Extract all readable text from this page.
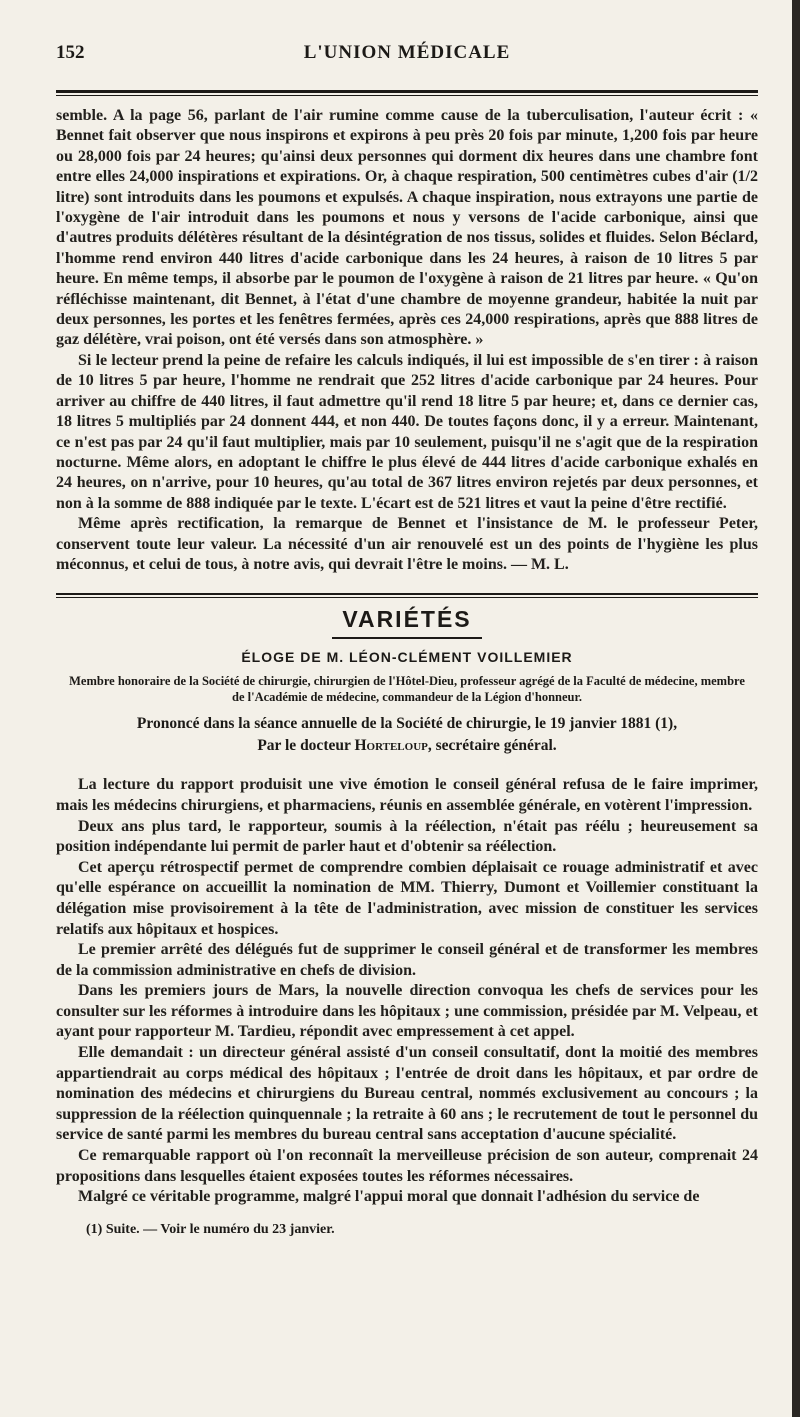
152	L'UNION MÉDICALE

semble. A la page 56, parlant de l'air rumine comme cause de la tuberculisation, l'auteur écrit : « Bennet fait observer que nous inspirons et expirons à peu près 20 fois par minute, 1,200 fois par heure ou 28,000 fois par 24 heures; qu'ainsi deux personnes qui dorment dix heures dans une chambre font entre elles 24,000 inspirations et expirations. Or, à chaque respiration, 500 centimètres cubes d'air (1/2 litre) sont introduits dans les poumons et expulsés. A chaque inspiration, nous extrayons une partie de l'oxygène de l'air introduit dans les poumons et nous y versons de l'acide carbonique, ainsi que d'autres produits délétères résultant de la désintégration de nos tissus, solides et fluides. Selon Béclard, l'homme rend environ 440 litres d'acide carbonique dans les 24 heures, à raison de 10 litres 5 par heure. En même temps, il absorbe par le poumon de l'oxygène à raison de 21 litres par heure. « Qu'on réfléchisse maintenant, dit Bennet, à l'état d'une chambre de moyenne grandeur, habitée la nuit par deux personnes, les portes et les fenêtres fermées, après ces 24,000 respirations, après que 888 litres de gaz délétère, vrai poison, ont été versés dans son atmosphère. »

Si le lecteur prend la peine de refaire les calculs indiqués, il lui est impossible de s'en tirer : à raison de 10 litres 5 par heure, l'homme ne rendrait que 252 litres d'acide carbonique par 24 heures. Pour arriver au chiffre de 440 litres, il faut admettre qu'il rend 18 litre 5 par heure; et, dans ce dernier cas, 18 litres 5 multipliés par 24 donnent 444, et non 440. De toutes façons donc, il y a erreur. Maintenant, ce n'est pas par 24 qu'il faut multiplier, mais par 10 seulement, puisqu'il ne s'agit que de la respiration nocturne. Même alors, en adoptant le chiffre le plus élevé de 444 litres d'acide carbonique exhalés en 24 heures, on n'arrive, pour 10 heures, qu'au total de 367 litres environ rejetés par deux personnes, et non à la somme de 888 indiquée par le texte. L'écart est de 521 litres et vaut la peine d'être rectifié.

Même après rectification, la remarque de Bennet et l'insistance de M. le professeur Peter, conservent toute leur valeur. La nécessité d'un air renouvelé est un des points de l'hygiène les plus méconnus, et celui de tous, à notre avis, qui devrait l'être le moins. — M. L.

VARIÉTÉS
ÉLOGE DE M. LÉON-CLÉMENT VOILLEMIER
Membre honoraire de la Société de chirurgie, chirurgien de l'Hôtel-Dieu, professeur agrégé de la Faculté de médecine, membre de l'Académie de médecine, commandeur de la Légion d'honneur.
Prononcé dans la séance annuelle de la Société de chirurgie, le 19 janvier 1881 (1),
Par le docteur Horteloup, secrétaire général.

La lecture du rapport produisit une vive émotion le conseil général refusa de le faire imprimer, mais les médecins chirurgiens, et pharmaciens, réunis en assemblée générale, en votèrent l'impression.

Deux ans plus tard, le rapporteur, soumis à la réélection, n'était pas réélu ; heureusement sa position indépendante lui permit de parler haut et d'obtenir sa réélection.

Cet aperçu rétrospectif permet de comprendre combien déplaisait ce rouage administratif et avec qu'elle espérance on accueillit la nomination de MM. Thierry, Dumont et Voillemier constituant la délégation mise provisoirement à la tête de l'administration, avec mission de constituer les services relatifs aux hôpitaux et hospices.

Le premier arrêté des délégués fut de supprimer le conseil général et de transformer les membres de la commission administrative en chefs de division.

Dans les premiers jours de Mars, la nouvelle direction convoqua les chefs de services pour les consulter sur les réformes à introduire dans les hôpitaux ; une commission, présidée par M. Velpeau, et ayant pour rapporteur M. Tardieu, répondit avec empressement à cet appel.

Elle demandait : un directeur général assisté d'un conseil consultatif, dont la moitié des membres appartiendrait au corps médical des hôpitaux ; l'entrée de droit dans les hôpitaux, et par ordre de nomination des médecins et chirurgiens du Bureau central, nommés exclusivement au concours ; la suppression de la réélection quinquennale ; la retraite à 60 ans ; le recrutement de tout le personnel du service de santé parmi les membres du bureau central sans acceptation d'aucune spécialité.

Ce remarquable rapport où l'on reconnaît la merveilleuse précision de son auteur, comprenait 24 propositions dans lesquelles étaient exposées toutes les réformes nécessaires.

Malgré ce véritable programme, malgré l'appui moral que donnait l'adhésion du service de

(1) Suite. — Voir le numéro du 23 janvier.
